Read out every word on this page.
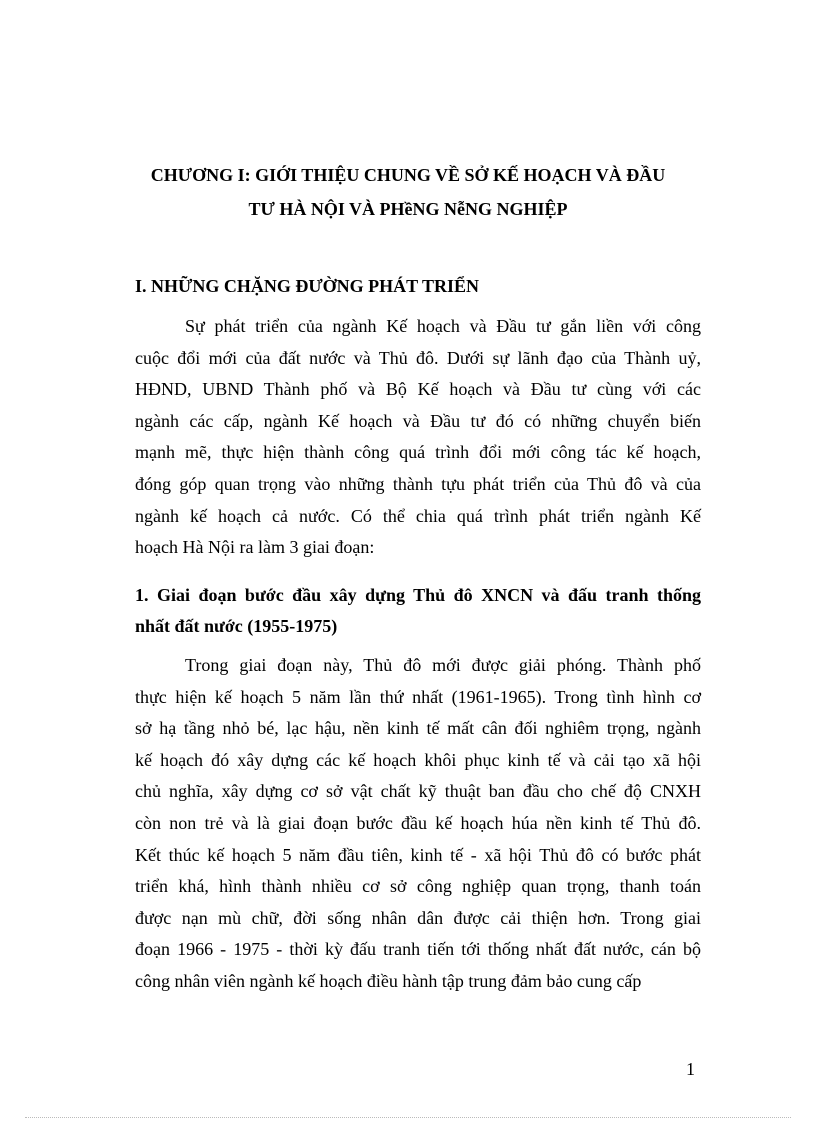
CHƯƠNG I: GIỚI THIỆU CHUNG VỀ SỞ KẾ HOẠCH VÀ ĐẦU
TƯ HÀ NỘI VÀ PHềNG NễNG NGHIỆP
I. NHỮNG CHẶNG ĐƯỜNG PHÁT TRIỂN
Sự phát triển của ngành Kế hoạch và Đầu tư gắn liền với công
cuộc đổi mới của đất nước và Thủ đô. Dưới sự lãnh đạo của Thành uỷ,
HĐND, UBND Thành phố và Bộ Kế hoạch và Đầu tư cùng với các
ngành các cấp, ngành Kế hoạch và Đầu tư đó có những chuyển biến
mạnh mẽ, thực hiện thành công quá trình đổi mới công tác kế hoạch,
đóng góp quan trọng vào những thành tựu phát triển của Thủ đô và của
ngành kế hoạch cả nước. Có thể chia quá trình phát triển ngành Kế
hoạch Hà Nội ra làm 3 giai đoạn:
1. Giai đoạn bước đầu xây dựng Thủ đô XNCN và đấu tranh thống
nhất đất nước (1955-1975)
Trong giai đoạn này, Thủ đô mới được giải phóng. Thành phố
thực hiện kế hoạch 5 năm lần thứ nhất (1961-1965). Trong tình hình cơ
sở hạ tầng nhỏ bé, lạc hậu, nền kinh tế mất cân đối nghiêm trọng, ngành
kế hoạch đó xây dựng các kế hoạch khôi phục kinh tế và cải tạo xã hội
chủ nghĩa, xây dựng cơ sở vật chất kỹ thuật ban đầu cho chế độ CNXH
còn non trẻ và là giai đoạn bước đầu kế hoạch húa nền kinh tế Thủ đô.
Kết thúc kế hoạch 5 năm đầu tiên, kinh tế - xã hội Thủ đô có bước phát
triển khá, hình thành nhiều cơ sở công nghiệp quan trọng, thanh toán
được nạn mù chữ, đời sống nhân dân được cải thiện hơn. Trong giai
đoạn 1966 - 1975 - thời kỳ đấu tranh tiến tới thống nhất đất nước, cán bộ
công nhân viên ngành kế hoạch điều hành tập trung đảm bảo cung cấp
1
